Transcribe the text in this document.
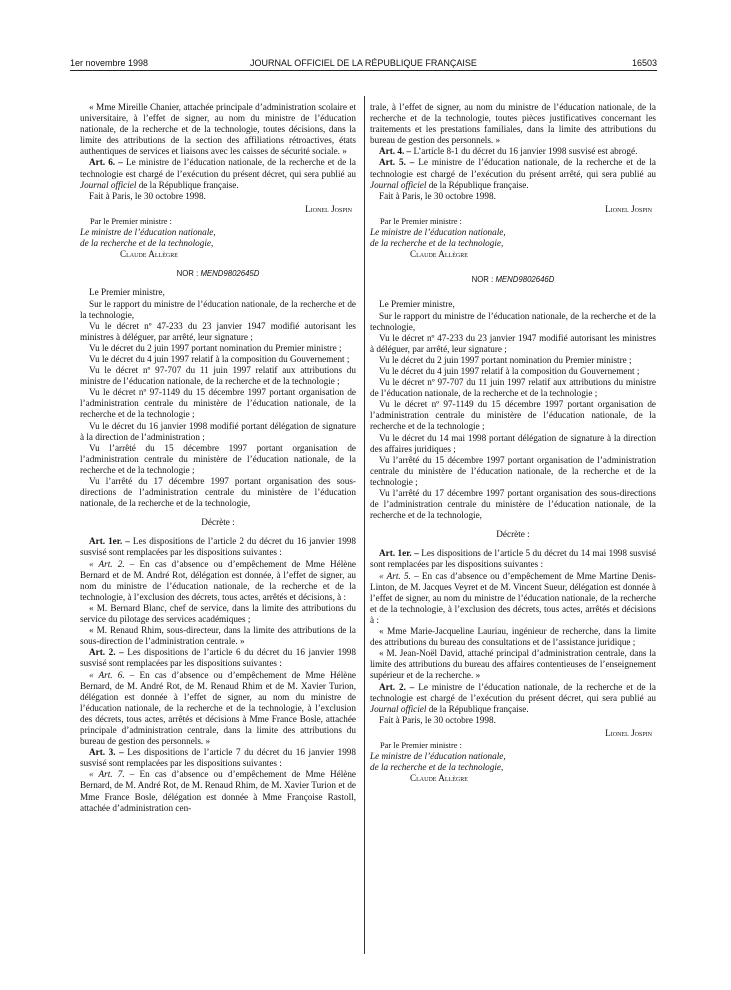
1er novembre 1998	JOURNAL OFFICIEL DE LA RÉPUBLIQUE FRANÇAISE	16503

« Mme Mireille Chanier, attachée principale d’administration scolaire et universitaire, à l’effet de signer, au nom du ministre de l’éducation nationale, de la recherche et de la technologie, toutes décisions, dans la limite des attributions de la section des affiliations rétroactives, états authentiques de services et liaisons avec les caisses de sécurité sociale. »

Art. 6. – Le ministre de l’éducation nationale, de la recherche et de la technologie est chargé de l’exécution du présent décret, qui sera publié au Journal officiel de la République française.

Fait à Paris, le 30 octobre 1998.

Lionel Jospin
Par le Premier ministre :
Le ministre de l’éducation nationale,
de la recherche et de la technologie,
Claude Allègre
NOR : MEND9802645D

Le Premier ministre,

Sur le rapport du ministre de l’éducation nationale, de la recherche et de la technologie,

Vu le décret nº 47-233 du 23 janvier 1947 modifié autorisant les ministres à déléguer, par arrêté, leur signature ;

Vu le décret du 2 juin 1997 portant nomination du Premier ministre ;

Vu le décret du 4 juin 1997 relatif à la composition du Gouvernement ;

Vu le décret nº 97-707 du 11 juin 1997 relatif aux attributions du ministre de l’éducation nationale, de la recherche et de la technologie ;

Vu le décret nº 97-1149 du 15 décembre 1997 portant organisation de l’administration centrale du ministère de l’éducation nationale, de la recherche et de la technologie ;

Vu le décret du 16 janvier 1998 modifié portant délégation de signature à la direction de l’administration ;

Vu l’arrêté du 15 décembre 1997 portant organisation de l’administration centrale du ministère de l’éducation nationale, de la recherche et de la technologie ;

Vu l’arrêté du 17 décembre 1997 portant organisation des sous-directions de l’administration centrale du ministère de l’éducation nationale, de la recherche et de la technologie,

Décrète :

Art. 1er. – Les dispositions de l’article 2 du décret du 16 janvier 1998 susvisé sont remplacées par les dispositions suivantes :

« Art. 2. – En cas d’absence ou d’empêchement de Mme Hélène Bernard et de M. André Rot, délégation est donnée, à l’effet de signer, au nom du ministre de l’éducation nationale, de la recherche et de la technologie, à l’exclusion des décrets, tous actes, arrêtés et décisions, à :

« M. Bernard Blanc, chef de service, dans la limite des attributions du service du pilotage des services académiques ;

« M. Renaud Rhim, sous-directeur, dans la limite des attributions de la sous-direction de l’administration centrale. »

Art. 2. – Les dispositions de l’article 6 du décret du 16 janvier 1998 susvisé sont remplacées par les dispositions suivantes :

« Art. 6. – En cas d’absence ou d’empêchement de Mme Hélène Bernard, de M. André Rot, de M. Renaud Rhim et de M. Xavier Turion, délégation est donnée à l’effet de signer, au nom du ministre de l’éducation nationale, de la recherche et de la technologie, à l’exclusion des décrets, tous actes, arrêtés et décisions à Mme France Bosle, attachée principale d’administration centrale, dans la limite des attributions du bureau de gestion des personnels. »

Art. 3. – Les dispositions de l’article 7 du décret du 16 janvier 1998 susvisé sont remplacées par les dispositions suivantes :

« Art. 7. – En cas d’absence ou d’empêchement de Mme Hélène Bernard, de M. André Rot, de M. Renaud Rhim, de M. Xavier Turion et de Mme France Bosle, délégation est donnée à Mme Françoise Rastoll, attachée d’administration cen-

trale, à l’effet de signer, au nom du ministre de l’éducation nationale, de la recherche et de la technologie, toutes pièces justificatives concernant les traitements et les prestations familiales, dans la limite des attributions du bureau de gestion des personnels. »

Art. 4. – L’article 8-1 du décret du 16 janvier 1998 susvisé est abrogé.

Art. 5. – Le ministre de l’éducation nationale, de la recherche et de la technologie est chargé de l’exécution du présent arrêté, qui sera publié au Journal officiel de la République française.

Fait à Paris, le 30 octobre 1998.

Lionel Jospin
Par le Premier ministre :
Le ministre de l’éducation nationale,
de la recherche et de la technologie,
Claude Allègre
NOR : MEND9802646D

Le Premier ministre,

Sur le rapport du ministre de l’éducation nationale, de la recherche et de la technologie,

Vu le décret nº 47-233 du 23 janvier 1947 modifié autorisant les ministres à déléguer, par arrêté, leur signature ;

Vu le décret du 2 juin 1997 portant nomination du Premier ministre ;

Vu le décret du 4 juin 1997 relatif à la composition du Gouvernement ;

Vu le décret nº 97-707 du 11 juin 1997 relatif aux attributions du ministre de l’éducation nationale, de la recherche et de la technologie ;

Vu le décret nº 97-1149 du 15 décembre 1997 portant organisation de l’administration centrale du ministère de l’éducation nationale, de la recherche et de la technologie ;

Vu le décret du 14 mai 1998 portant délégation de signature à la direction des affaires juridiques ;

Vu l’arrêté du 15 décembre 1997 portant organisation de l’administration centrale du ministère de l’éducation nationale, de la recherche et de la technologie ;

Vu l’arrêté du 17 décembre 1997 portant organisation des sous-directions de l’administration centrale du ministère de l’éducation nationale, de la recherche et de la technologie,

Décrète :

Art. 1er. – Les dispositions de l’article 5 du décret du 14 mai 1998 susvisé sont remplacées par les dispositions suivantes :

« Art. 5. – En cas d’absence ou d’empêchement de Mme Martine Denis-Linton, de M. Jacques Veyret et de M. Vincent Sueur, délégation est donnée à l’effet de signer, au nom du ministre de l’éducation nationale, de la recherche et de la technologie, à l’exclusion des décrets, tous actes, arrêtés et décisions à :

« Mme Marie-Jacqueline Lauriau, ingénieur de recherche, dans la limite des attributions du bureau des consultations et de l’assistance juridique ;

« M. Jean-Noël David, attaché principal d’administration centrale, dans la limite des attributions du bureau des affaires contentieuses de l’enseignement supérieur et de la recherche. »

Art. 2. – Le ministre de l’éducation nationale, de la recherche et de la technologie est chargé de l’exécution du présent décret, qui sera publié au Journal officiel de la République française.

Fait à Paris, le 30 octobre 1998.

Lionel Jospin
Par le Premier ministre :
Le ministre de l’éducation nationale,
de la recherche et de la technologie,
Claude Allègre
